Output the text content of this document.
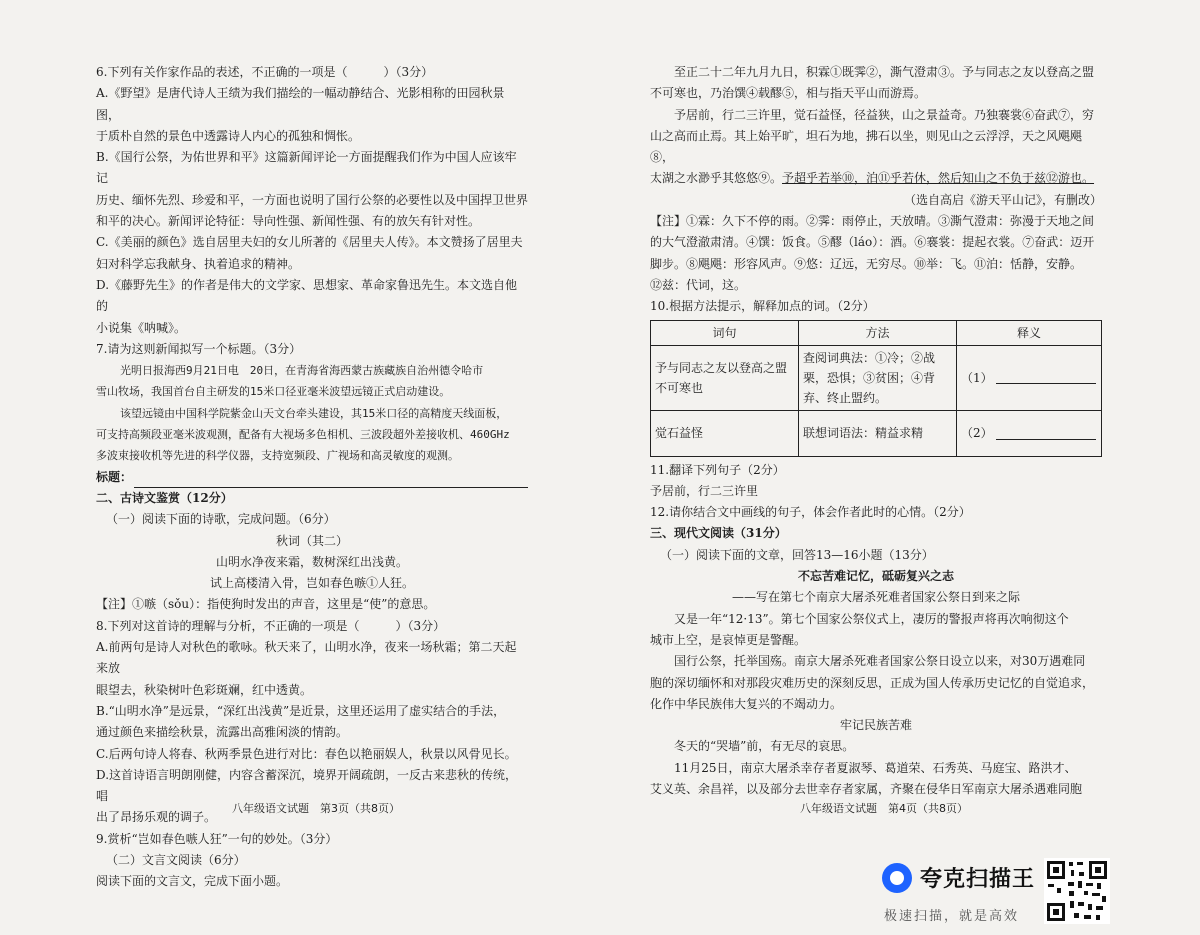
6.下列有关作家作品的表述，不正确的一项是（　　　）（3分）

A.《野望》是唐代诗人王绩为我们描绘的一幅动静结合、光影相称的田园秋景图，

于质朴自然的景色中透露诗人内心的孤独和惆怅。

B.《国行公祭，为佑世界和平》这篇新闻评论一方面提醒我们作为中国人应该牢记

历史、缅怀先烈、珍爱和平，一方面也说明了国行公祭的必要性以及中国捍卫世界

和平的决心。新闻评论特征：导向性强、新闻性强、有的放矢有针对性。

C.《美丽的颜色》选自居里夫妇的女儿所著的《居里夫人传》。本文赞扬了居里夫

妇对科学忘我献身、执着追求的精神。

D.《藤野先生》的作者是伟大的文学家、思想家、革命家鲁迅先生。本文选自他的

小说集《呐喊》。

7.请为这则新闻拟写一个标题。（3分）

光明日报海西9月21日电　20日，在青海省海西蒙古族藏族自治州德令哈市

雪山牧场，我国首台自主研发的15米口径亚毫米波望远镜正式启动建设。

该望远镜由中国科学院紫金山天文台牵头建设，其15米口径的高精度天线面板，

可支持高频段亚毫米波观测，配备有大视场多色相机、三波段超外差接收机、460GHz

多波束接收机等先进的科学仪器，支持宽频段、广视场和高灵敏度的观测。

标题：

二、古诗文鉴赏（12分）

（一）阅读下面的诗歌，完成问题。（6分）

秋词（其二）

山明水净夜来霜，数树深红出浅黄。

试上高楼清入骨，岂如春色嗾①人狂。

【注】①嗾（sǒu）：指使狗时发出的声音，这里是“使”的意思。

8.下列对这首诗的理解与分析，不正确的一项是（　　　）（3分）

A.前两句是诗人对秋色的歌咏。秋天来了，山明水净，夜来一场秋霜；第二天起来放

眼望去，秋染树叶色彩斑斓，红中透黄。

B.“山明水净”是远景，“深红出浅黄”是近景，这里还运用了虚实结合的手法，

通过颜色来描绘秋景，流露出高雅闲淡的情韵。

C.后两句诗人将春、秋两季景色进行对比：春色以艳丽娱人，秋景以风骨见长。

D.这首诗语言明朗刚健，内容含蓄深沉，境界开阔疏朗，一反古来悲秋的传统，唱

出了昂扬乐观的调子。

9.赏析“岂如春色嗾人狂”一句的妙处。（3分）

（二）文言文阅读（6分）

阅读下面的文言文，完成下面小题。

八年级语文试题　第3页（共8页）

至正二十二年九月九日，积霖①既霁②，澌气澄肃③。予与同志之友以登高之盟

不可寒也，乃治馔④载醪⑤，相与指天平山而游焉。

予居前，行二三许里，觉石益怪，径益狭，山之景益奇。乃独褰裳⑥奋武⑦，穷

山之高而止焉。其上始平旷，坦石为地，拂石以坐，则见山之云浮浮，天之风飓飓⑧，

太湖之水渺乎其悠悠⑨。予超乎若举⑩，泊⑪乎若休，然后知山之不负于兹⑫游也。

（选自高启《游天平山记》，有删改）

【注】①霖：久下不停的雨。②霁：雨停止，天放晴。③澌气澄肃：弥漫于天地之间

的大气澄澈肃清。④馔：饭食。⑤醪（láo）：酒。⑥褰裳：提起衣裳。⑦奋武：迈开

脚步。⑧飓飓：形容风声。⑨悠：辽远，无穷尽。⑩举：飞。⑪泊：恬静，安静。

⑫兹：代词，这。

10.根据方法提示，解释加点的词。（2分）

词句	方法	释义
予与同志之友以登高之盟不可寒也	查阅词典法：①冷；②战栗，恐惧；③贫困；④背弃、终止盟约。	（1）
觉石益怪	联想词语法：精益求精	（2）

11.翻译下列句子（2分）

予居前，行二三许里

12.请你结合文中画线的句子，体会作者此时的心情。（2分）

三、现代文阅读（31分）

（一）阅读下面的文章，回答13—16小题（13分）

不忘苦难记忆，砥砺复兴之志

——写在第七个南京大屠杀死难者国家公祭日到来之际

又是一年“12·13”。第七个国家公祭仪式上，凄厉的警报声将再次响彻这个

城市上空，是哀悼更是警醒。

国行公祭，托举国殇。南京大屠杀死难者国家公祭日设立以来，对30万遇难同

胞的深切缅怀和对那段灾难历史的深刻反思，正成为国人传承历史记忆的自觉追求，

化作中华民族伟大复兴的不竭动力。

牢记民族苦难

冬天的“哭墙”前，有无尽的哀思。

11月25日，南京大屠杀幸存者夏淑琴、葛道荣、石秀英、马庭宝、路洪才、

艾义英、余昌祥，以及部分去世幸存者家属，齐聚在侵华日军南京大屠杀遇难同胞

八年级语文试题　第4页（共8页）
夸克扫描王
极速扫描，就是高效
